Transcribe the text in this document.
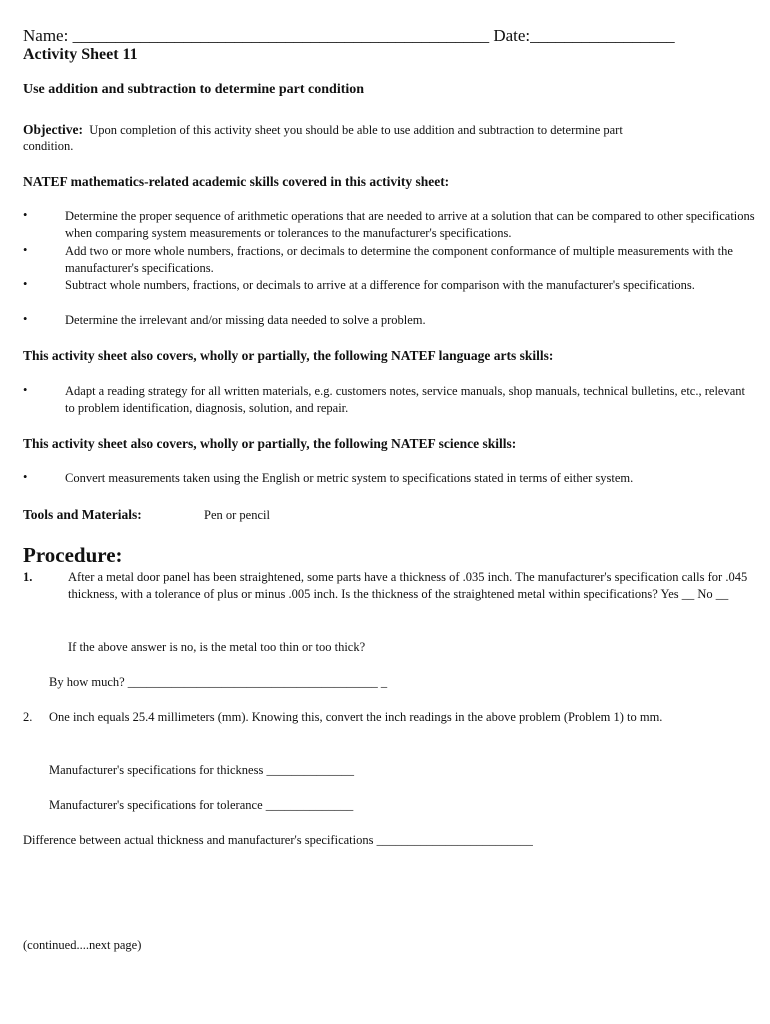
Name: _________________________________________________ Date:_________________
Activity Sheet 11
Use addition and subtraction to determine part condition
Objective: Upon completion of this activity sheet you should be able to use addition and subtraction to determine part
condition.
NATEF mathematics-related academic skills covered in this activity sheet:
•	Determine the proper sequence of arithmetic operations that are needed to arrive at a solution that can be compared to other specifications when comparing system measurements or tolerances to the manufacturer's specifications.
•	Add two or more whole numbers, fractions, or decimals to determine the component conformance of multiple measurements with the manufacturer's specifications.
•	Subtract whole numbers, fractions, or decimals to arrive at a difference for comparison with the manufacturer's specifications.
•	Determine the irrelevant and/or missing data needed to solve a problem.
This activity sheet also covers, wholly or partially, the following NATEF language arts skills:
•	Adapt a reading strategy for all written materials, e.g. customers notes, service manuals, shop manuals, technical bulletins, etc., relevant to problem identification, diagnosis, solution, and repair.
This activity sheet also covers, wholly or partially, the following NATEF science skills:
•	Convert measurements taken using the English or metric system to specifications stated in terms of either system.
Tools and Materials:	Pen or pencil
Procedure:
1.	After a metal door panel has been straightened, some parts have a thickness of .035 inch. The manufacturer's specification calls for .045 thickness, with a tolerance of plus or minus .005 inch. Is the thickness of the straightened metal within specifications? Yes __ No __
If the above answer is no, is the metal too thin or too thick?
By how much? ________________________________________ _
2. One inch equals 25.4 millimeters (mm). Knowing this, convert the inch readings in the above problem (Problem 1) to mm.
Manufacturer's specifications for thickness ______________
Manufacturer's specifications for tolerance ______________
Difference between actual thickness and manufacturer's specifications _________________________
(continued....next page)
